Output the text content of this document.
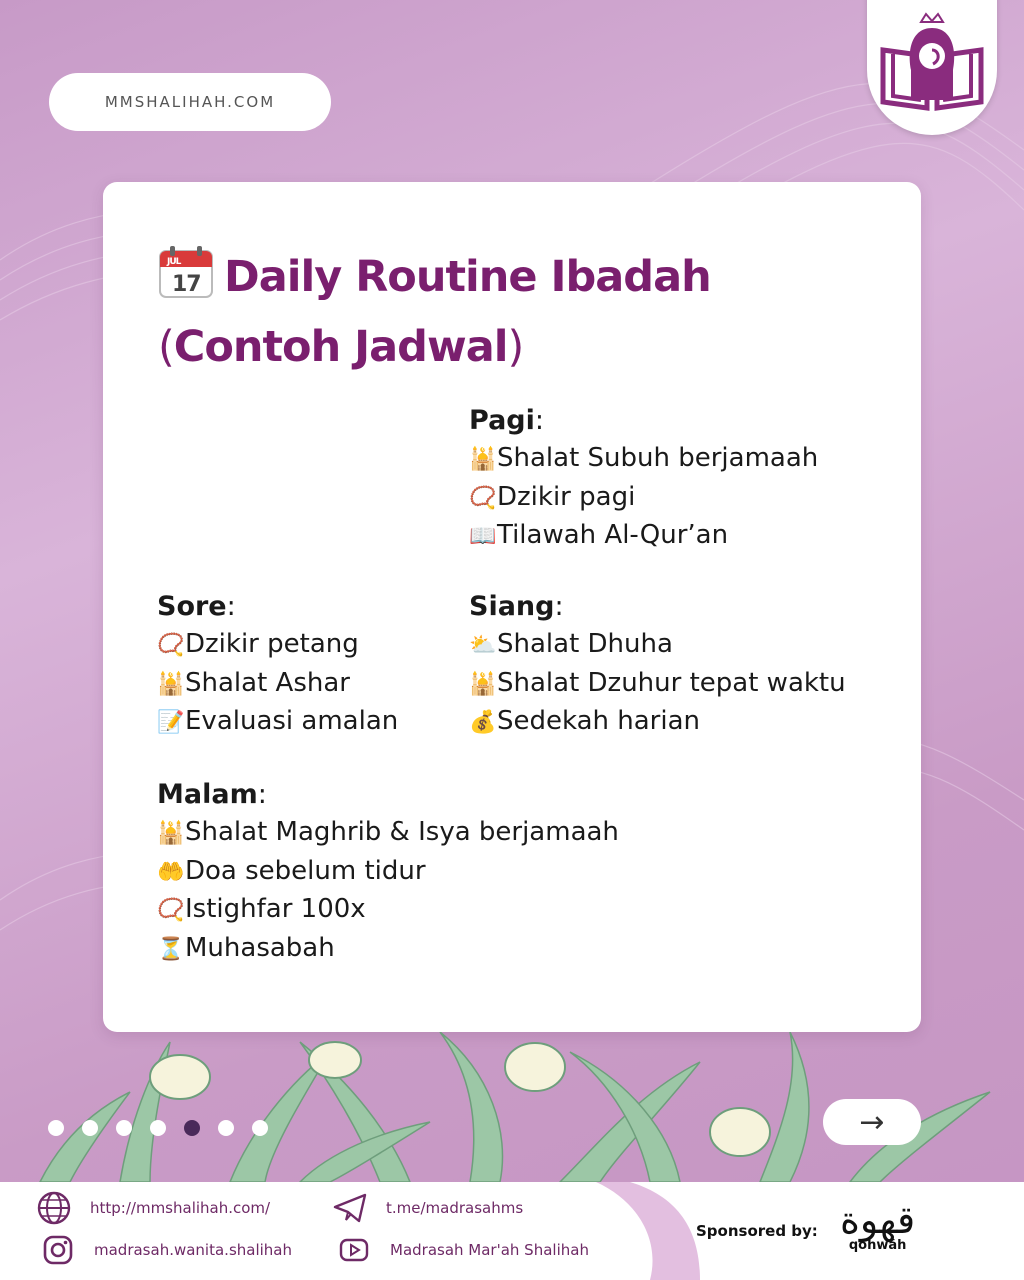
MMSHALIHAH.COM
JUL
17 Daily Routine Ibadah
(Contoh Jadwal)
Pagi:
🕌Shalat Subuh berjamaah
📿Dzikir pagi
📖Tilawah Al-Qur’an
Sore:
📿Dzikir petang
🕌Shalat Ashar
📝Evaluasi amalan
Siang:
⛅Shalat Dhuha
🕌Shalat Dzuhur tepat waktu
💰Sedekah harian
Malam:
🕌Shalat Maghrib & Isya berjamaah
🤲Doa sebelum tidur
📿Istighfar 100x
⏳Muhasabah
→
http://mmshalihah.com/
madrasah.wanita.shalihah
t.me/madrasahms
Madrasah Mar'ah Shalihah
Sponsored by: قهوة
qohwāh
